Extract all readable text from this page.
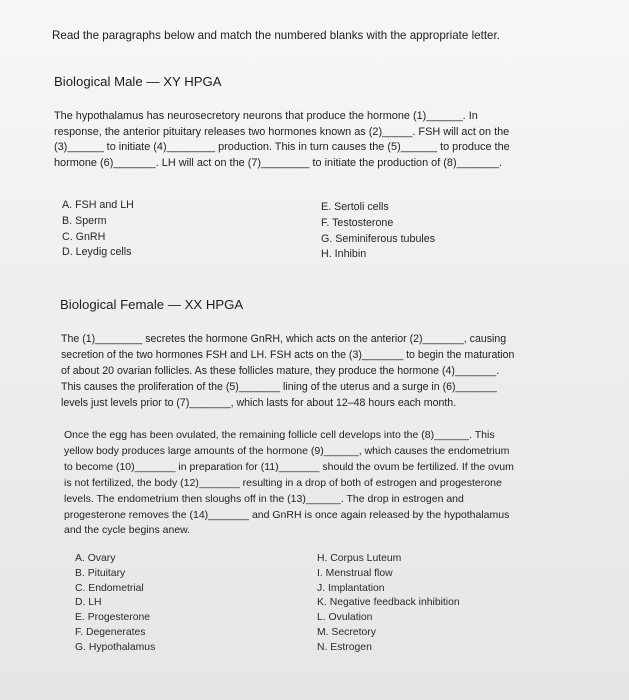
Read the paragraphs below and match the numbered blanks with the appropriate letter.
Biological Male — XY HPGA
The hypothalamus has neurosecretory neurons that produce the hormone (1)______. In
response, the anterior pituitary releases two hormones known as (2)_____. FSH will act on the
(3)______ to initiate (4)________ production. This in turn causes the (5)______ to produce the
hormone (6)_______. LH will act on the (7)________ to initiate the production of (8)_______.
A. FSH and LH
B. Sperm
C. GnRH
D. Leydig cells
E. Sertoli cells
F. Testosterone
G. Seminiferous tubules
H. Inhibin
Biological Female — XX HPGA
The (1)________ secretes the hormone GnRH, which acts on the anterior (2)_______, causing
secretion of the two hormones FSH and LH. FSH acts on the (3)_______ to begin the maturation
of about 20 ovarian follicles. As these follicles mature, they produce the hormone (4)_______.
This causes the proliferation of the (5)_______ lining of the uterus and a surge in (6)_______
levels just levels prior to (7)_______, which lasts for about 12–48 hours each month.
Once the egg has been ovulated, the remaining follicle cell develops into the (8)______. This
yellow body produces large amounts of the hormone (9)______, which causes the endometrium
to become (10)_______ in preparation for (11)_______ should the ovum be fertilized. If the ovum
is not fertilized, the body (12)_______ resulting in a drop of both of estrogen and progesterone
levels. The endometrium then sloughs off in the (13)______. The drop in estrogen and
progesterone removes the (14)_______ and GnRH is once again released by the hypothalamus
and the cycle begins anew.
A. Ovary
B. Pituitary
C. Endometrial
D. LH
E. Progesterone
F. Degenerates
G. Hypothalamus
H. Corpus Luteum
I. Menstrual flow
J. Implantation
K. Negative feedback inhibition
L. Ovulation
M. Secretory
N. Estrogen
